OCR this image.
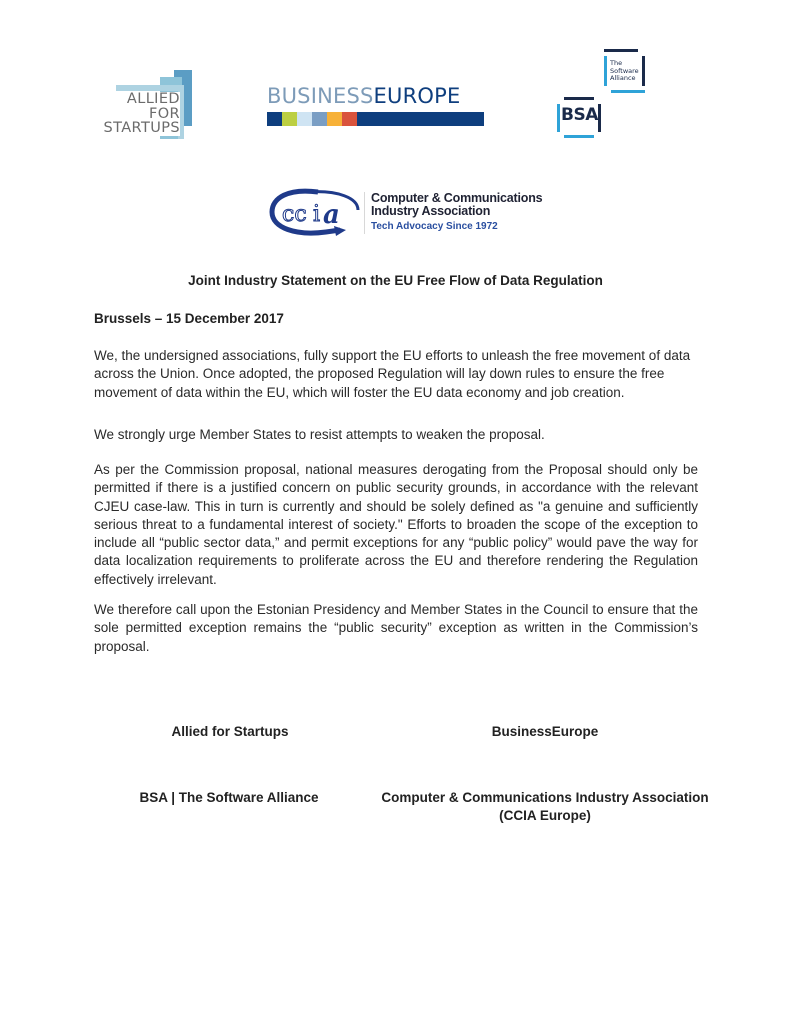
ALLIED
FOR
STARTUPS
BUSINESSEUROPE
The
Software
Alliance
BSA
cc i a
Computer & Communications
Industry Association
Tech Advocacy Since 1972
Joint Industry Statement on the EU Free Flow of Data Regulation
Brussels – 15 December 2017

We, the undersigned associations, fully support the EU efforts to unleash the free movement of data across the Union. Once adopted, the proposed Regulation will lay down rules to ensure the free movement of data within the EU, which will foster the EU data economy and job creation.

We strongly urge Member States to resist attempts to weaken the proposal.

As per the Commission proposal, national measures derogating from the Proposal should only be permitted if there is a justified concern on public security grounds, in accordance with the relevant CJEU case-law. This in turn is currently and should be solely defined as "a genuine and sufficiently serious threat to a fundamental interest of society." Efforts to broaden the scope of the exception to include all “public sector data,” and permit exceptions for any “public policy” would pave the way for data localization requirements to proliferate across the EU and therefore rendering the Regulation effectively irrelevant.

We therefore call upon the Estonian Presidency and Member States in the Council to ensure that the sole permitted exception remains the “public security” exception as written in the Commission’s proposal.

Allied for Startups	BusinessEurope
BSA | The Software Alliance	Computer & Communications Industry Association
(CCIA Europe)
